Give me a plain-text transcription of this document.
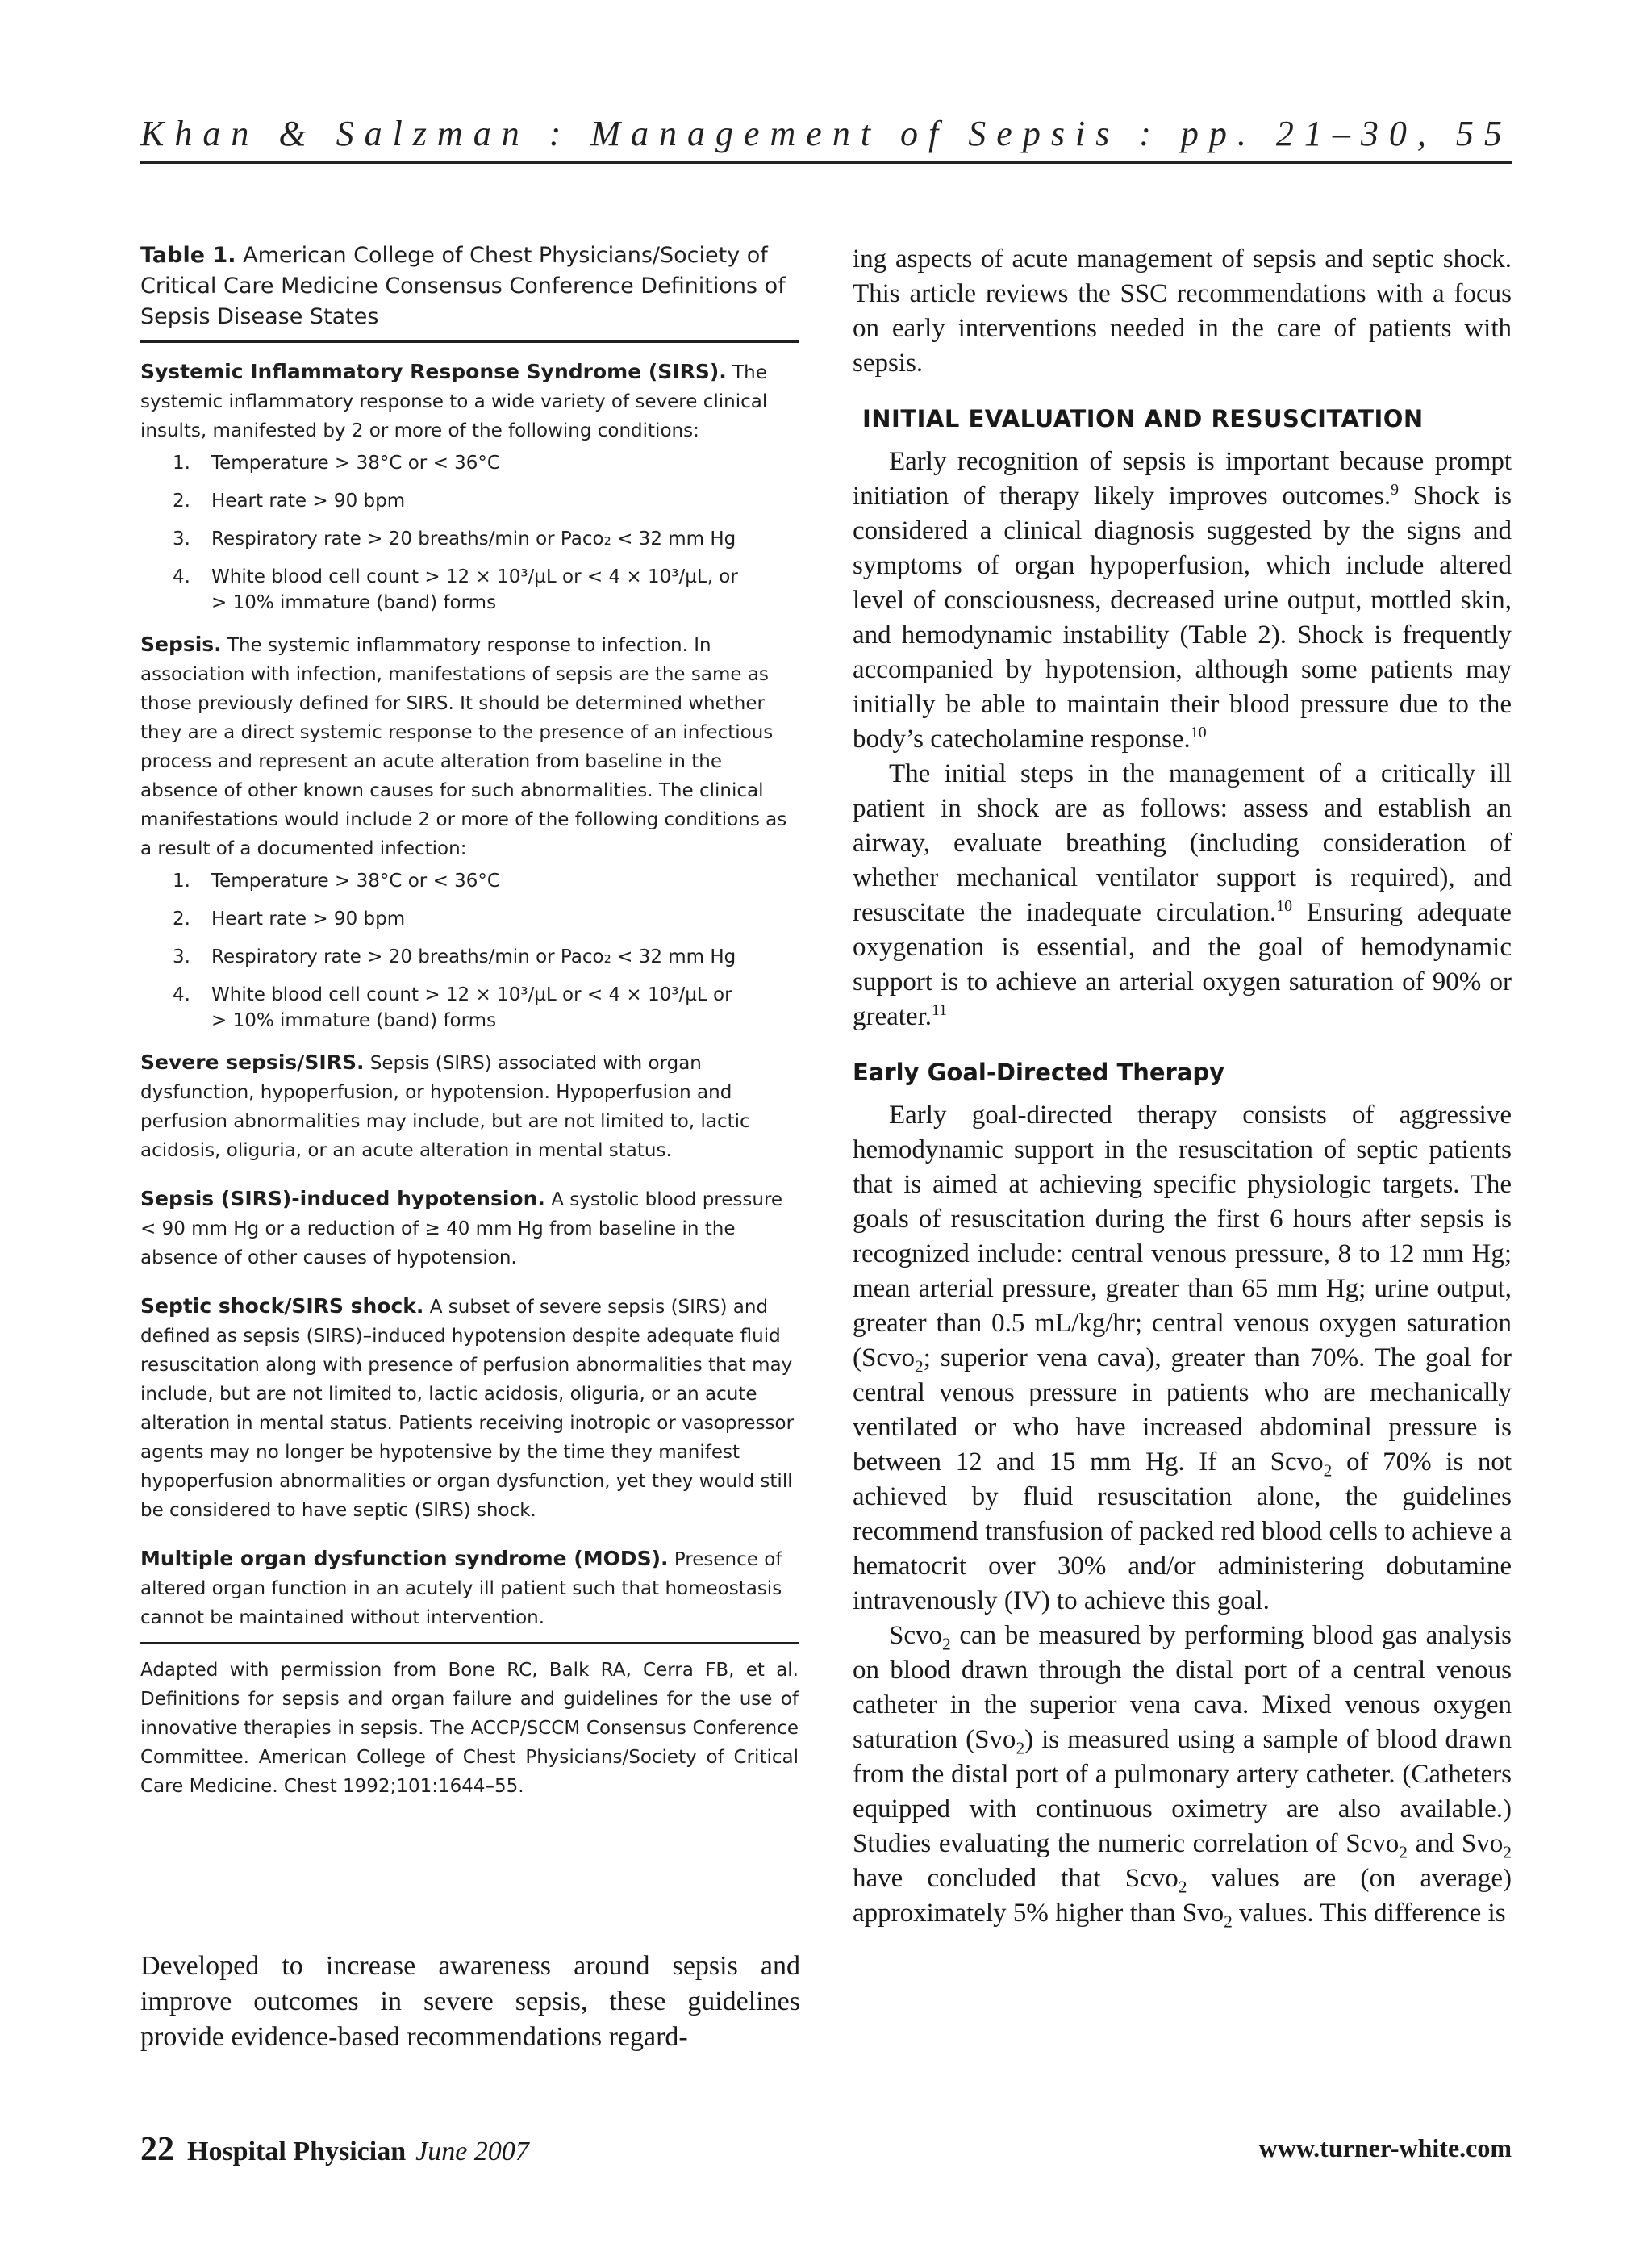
Khan & Salzman : Management of Sepsis : pp. 21–30, 55

Table 1. American College of Chest Physicians/Society of Critical Care Medicine Consensus Conference Definitions of Sepsis Disease States

Systemic Inflammatory Response Syndrome (SIRS). The systemic inflammatory response to a wide variety of severe clinical insults, manifested by 2 or more of the following conditions:
1. Temperature > 38°C or < 36°C
2. Heart rate > 90 bpm
3. Respiratory rate > 20 breaths/min or Paco₂ < 32 mm Hg
4. White blood cell count > 12 × 10³/µL or < 4 × 10³/µL, or
> 10% immature (band) forms
Sepsis. The systemic inflammatory response to infection. In association with infection, manifestations of sepsis are the same as those previously defined for SIRS. It should be determined whether they are a direct systemic response to the presence of an infectious process and represent an acute alteration from baseline in the absence of other known causes for such abnormalities. The clinical manifestations would include 2 or more of the following conditions as a result of a documented infection:
1. Temperature > 38°C or < 36°C
2. Heart rate > 90 bpm
3. Respiratory rate > 20 breaths/min or Paco₂ < 32 mm Hg
4. White blood cell count > 12 × 10³/µL or < 4 × 10³/µL or
> 10% immature (band) forms
Severe sepsis/SIRS. Sepsis (SIRS) associated with organ dysfunction, hypoperfusion, or hypotension. Hypoperfusion and perfusion abnormalities may include, but are not limited to, lactic acidosis, oliguria, or an acute alteration in mental status.
Sepsis (SIRS)-induced hypotension. A systolic blood pressure < 90 mm Hg or a reduction of ≥ 40 mm Hg from baseline in the absence of other causes of hypotension.
Septic shock/SIRS shock. A subset of severe sepsis (SIRS) and defined as sepsis (SIRS)–induced hypotension despite adequate fluid resuscitation along with presence of perfusion abnormalities that may include, but are not limited to, lactic acidosis, oliguria, or an acute alteration in mental status. Patients receiving inotropic or vasopressor agents may no longer be hypotensive by the time they manifest hypoperfusion abnormalities or organ dysfunction, yet they would still be considered to have septic (SIRS) shock.
Multiple organ dysfunction syndrome (MODS). Presence of altered organ function in an acutely ill patient such that homeostasis cannot be maintained without intervention.
Adapted with permission from Bone RC, Balk RA, Cerra FB, et al. Definitions for sepsis and organ failure and guidelines for the use of innovative therapies in sepsis. The ACCP/SCCM Consensus Conference Committee. American College of Chest Physicians/Society of Critical Care Medicine. Chest 1992;101:1644–55.
Developed to increase awareness around sepsis and improve outcomes in severe sepsis, these guidelines provide evidence-based recommendations regard-

ing aspects of acute management of sepsis and septic shock. This article reviews the SSC recommendations with a focus on early interventions needed in the care of patients with sepsis.

INITIAL EVALUATION AND RESUSCITATION

Early recognition of sepsis is important because prompt initiation of therapy likely improves outcomes.$^9$ Shock is considered a clinical diagnosis suggested by the signs and symptoms of organ hypoperfusion, which include altered level of consciousness, decreased urine output, mottled skin, and hemodynamic instability (Table 2). Shock is frequently accompanied by hypotension, although some patients may initially be able to maintain their blood pressure due to the body’s catecholamine response.$^{10}$

The initial steps in the management of a critically ill patient in shock are as follows: assess and establish an airway, evaluate breathing (including consideration of whether mechanical ventilator support is required), and resuscitate the inadequate circulation.$^{10}$ Ensuring adequate oxygenation is essential, and the goal of hemodynamic support is to achieve an arterial oxygen saturation of 90% or greater.$^{11}$

Early Goal-Directed Therapy

Early goal-directed therapy consists of aggressive hemodynamic support in the resuscitation of septic patients that is aimed at achieving specific physiologic targets. The goals of resuscitation during the first 6 hours after sepsis is recognized include: central venous pressure, 8 to 12 mm Hg; mean arterial pressure, greater than 65 mm Hg; urine output, greater than 0.5 mL/kg/hr; central venous oxygen saturation (Scvo$_2$; superior vena cava), greater than 70%. The goal for central venous pressure in patients who are mechanically ventilated or who have increased abdominal pressure is between 12 and 15 mm Hg. If an Scvo$_2$ of 70% is not achieved by fluid resuscitation alone, the guidelines recommend transfusion of packed red blood cells to achieve a hematocrit over 30% and/or administering dobutamine intravenously (IV) to achieve this goal.

Scvo$_2$ can be measured by performing blood gas analysis on blood drawn through the distal port of a central venous catheter in the superior vena cava. Mixed venous oxygen saturation (Svo$_2$) is measured using a sample of blood drawn from the distal port of a pulmonary artery catheter. (Catheters equipped with continuous oximetry are also available.) Studies evaluating the numeric correlation of Scvo$_2$ and Svo$_2$ have concluded that Scvo$_2$ values are (on average) approximately 5% higher than Svo$_2$ values. This difference is

22 Hospital Physician June 2007	www.turner-white.com
